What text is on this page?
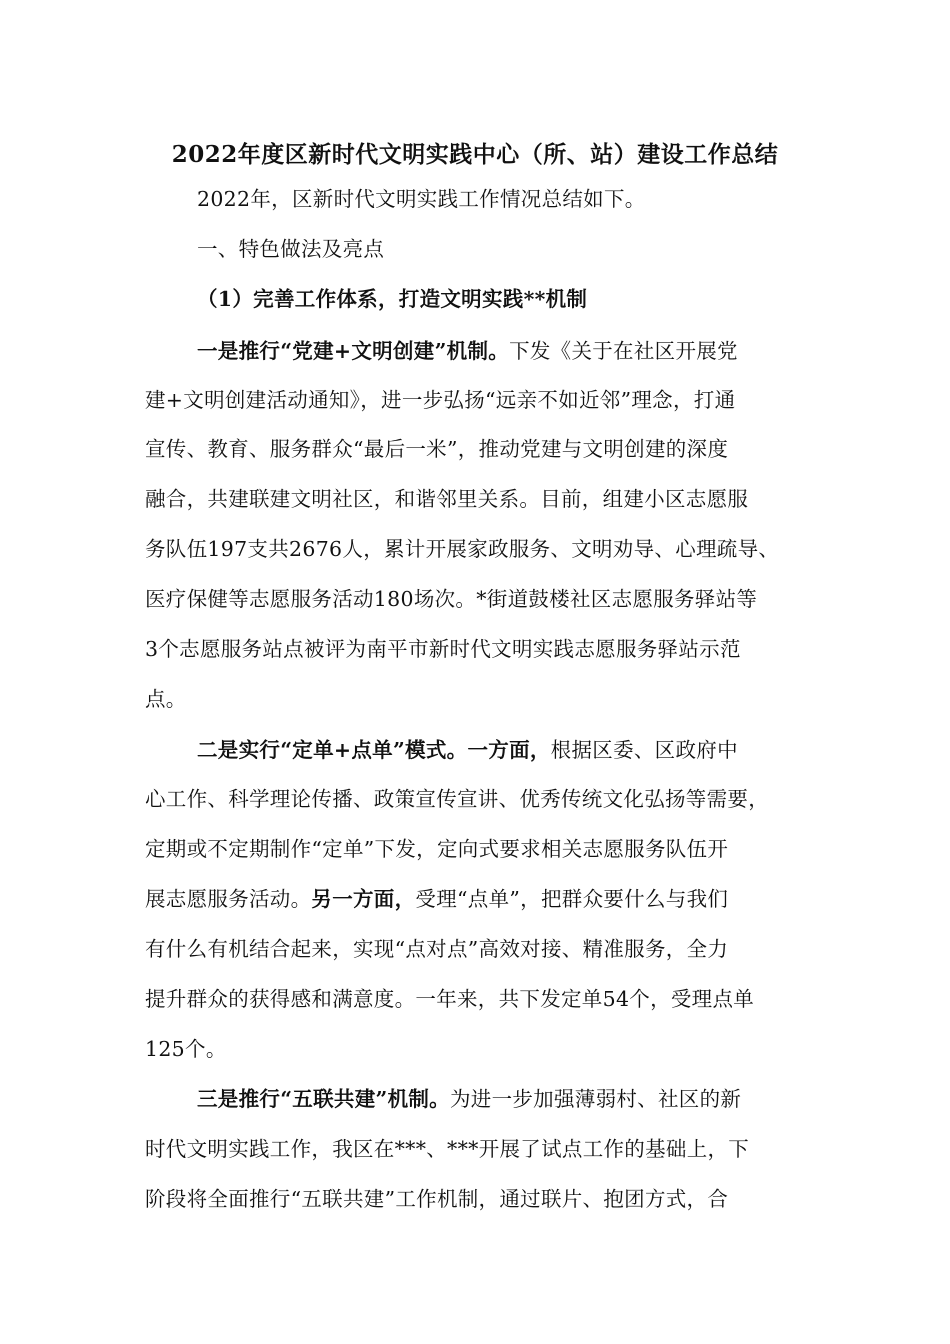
2022年度区新时代文明实践中心（所、站）建设工作总结
2022年，区新时代文明实践工作情况总结如下。
一、特色做法及亮点
（1）完善工作体系，打造文明实践**机制
一是推行“党建+文明创建”机制。下发《关于在社区开展党
建+文明创建活动通知》，进一步弘扬“远亲不如近邻”理念，打通
宣传、教育、服务群众“最后一米”，推动党建与文明创建的深度
融合，共建联建文明社区，和谐邻里关系。目前，组建小区志愿服
务队伍197支共2676人，累计开展家政服务、文明劝导、心理疏导、
医疗保健等志愿服务活动180场次。*街道鼓楼社区志愿服务驿站等
3个志愿服务站点被评为南平市新时代文明实践志愿服务驿站示范
点。
二是实行“定单+点单”模式。一方面，根据区委、区政府中
心工作、科学理论传播、政策宣传宣讲、优秀传统文化弘扬等需要，
定期或不定期制作“定单”下发，定向式要求相关志愿服务队伍开
展志愿服务活动。另一方面，受理“点单”，把群众要什么与我们
有什么有机结合起来，实现“点对点”高效对接、精准服务，全力
提升群众的获得感和满意度。一年来，共下发定单54个，受理点单
125个。
三是推行“五联共建”机制。为进一步加强薄弱村、社区的新
时代文明实践工作，我区在***、***开展了试点工作的基础上，下
阶段将全面推行“五联共建”工作机制，通过联片、抱团方式，合
